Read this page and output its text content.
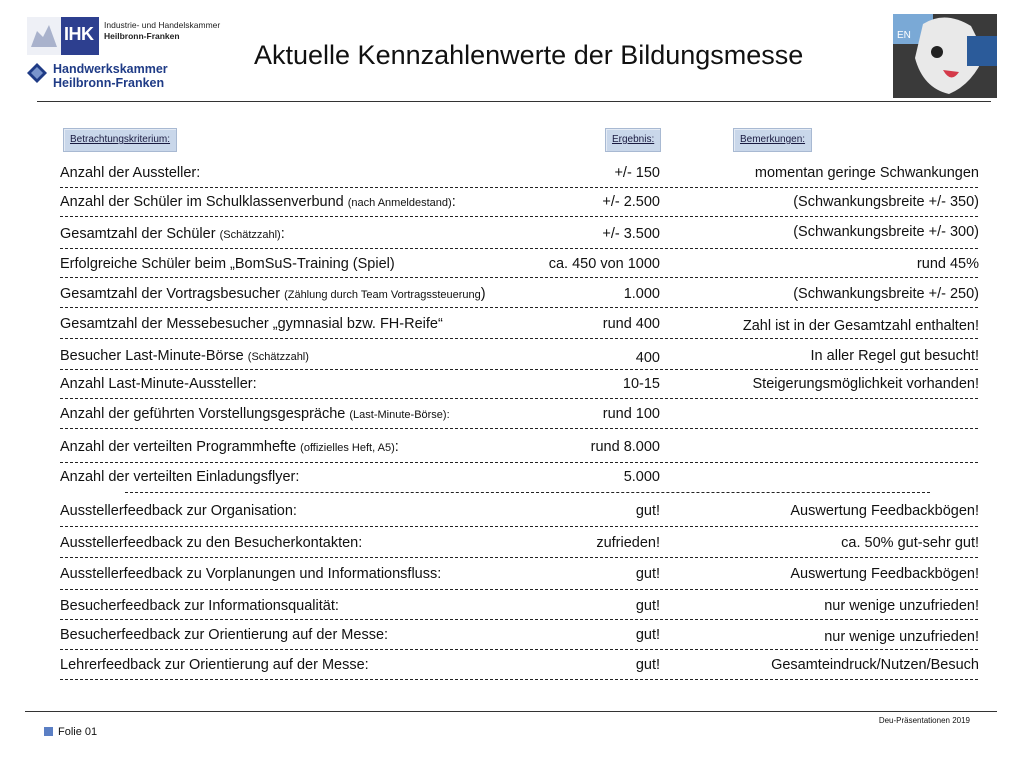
IHK Industrie- und Handelskammer
Heilbronn-Franken
Handwerkskammer
Heilbronn-Franken
Aktuelle Kennzahlenwerte der Bildungsmesse
EN
Betrachtungskriterium:	Ergebnis:	Bemerkungen:
Anzahl der Aussteller:	+/- 150	momentan geringe Schwankungen
Anzahl der Schüler im Schulklassenverbund (nach Anmeldestand):	+/- 2.500	(Schwankungsbreite +/- 350)
Gesamtzahl der Schüler (Schätzzahl):	+/- 3.500	(Schwankungsbreite +/- 300)
Erfolgreiche Schüler beim „BomSuS-Training (Spiel)	ca. 450 von 1000	rund 45%
Gesamtzahl der Vortragsbesucher (Zählung durch Team Vortragssteuerung)	1.000	(Schwankungsbreite +/- 250)
Gesamtzahl der Messebesucher „gymnasial bzw. FH-Reife“	rund 400	Zahl ist in der Gesamtzahl enthalten!
Besucher Last-Minute-Börse (Schätzzahl)	400	In aller Regel gut besucht!
Anzahl Last-Minute-Aussteller:	10-15	Steigerungsmöglichkeit vorhanden!
Anzahl der geführten Vorstellungsgespräche (Last-Minute-Börse):	rund 100
Anzahl der verteilten Programmhefte (offizielles Heft, A5):	rund 8.000
Anzahl der verteilten Einladungsflyer:	5.000
Ausstellerfeedback zur Organisation:	gut!	Auswertung Feedbackbögen!
Ausstellerfeedback zu den Besucherkontakten:	zufrieden!	ca. 50% gut-sehr gut!
Ausstellerfeedback zu Vorplanungen und Informationsfluss:	gut!	Auswertung Feedbackbögen!
Besucherfeedback zur Informationsqualität:	gut!	nur wenige unzufrieden!
Besucherfeedback zur Orientierung auf der Messe:	gut!	nur wenige unzufrieden!
Lehrerfeedback zur Orientierung auf der Messe:	gut!	Gesamteindruck/Nutzen/Besuch
Folie 01
Deu-Präsentationen 2019
